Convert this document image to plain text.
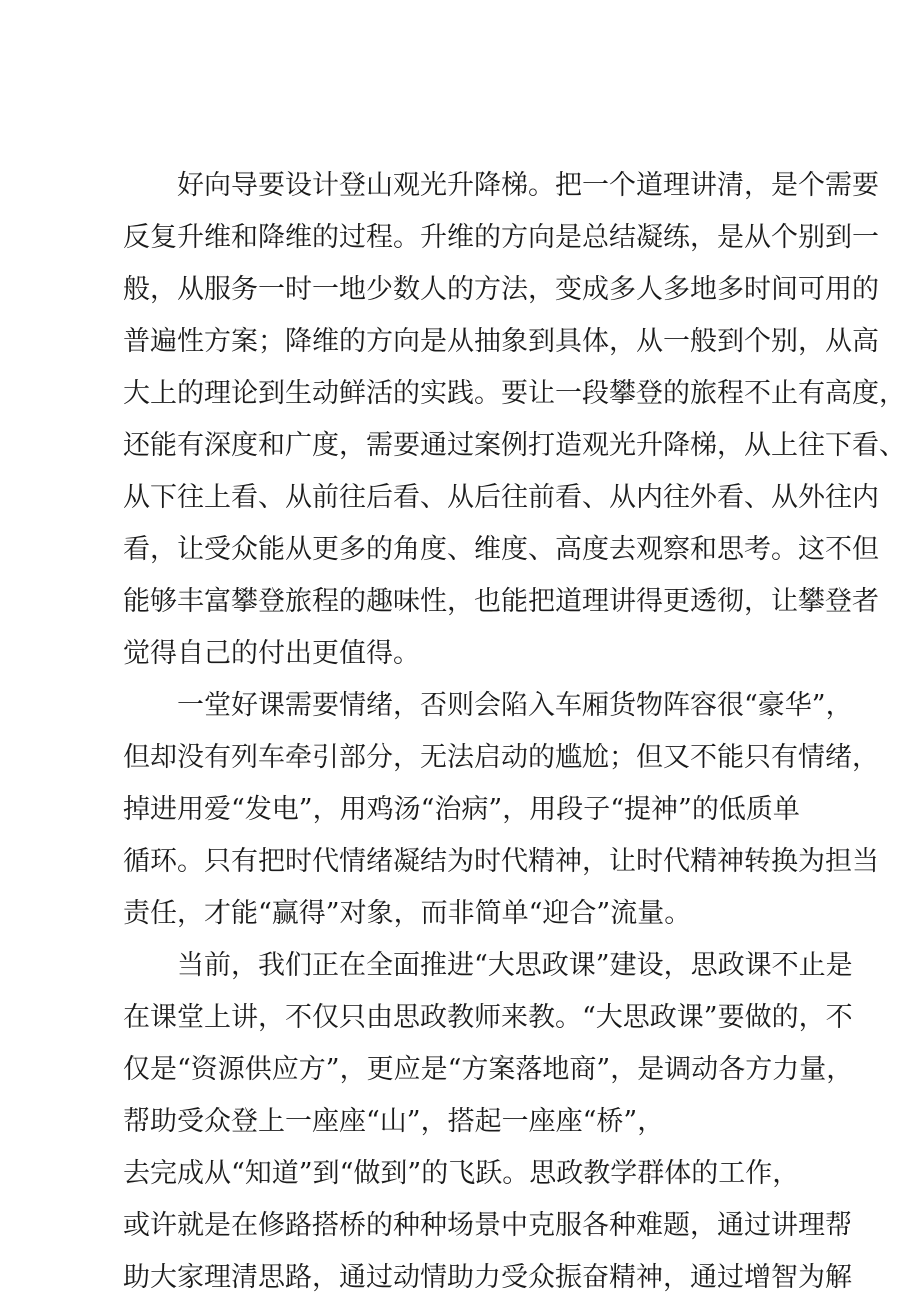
好向导要设计登山观光升降梯。把一个道理讲清，是个需要
反复升维和降维的过程。升维的方向是总结凝练，是从个别到一
般，从服务一时一地少数人的方法，变成多人多地多时间可用的
普遍性方案；降维的方向是从抽象到具体，从一般到个别，从高
大上的理论到生动鲜活的实践。要让一段攀登的旅程不止有高度，
还能有深度和广度，需要通过案例打造观光升降梯，从上往下看、
从下往上看、从前往后看、从后往前看、从内往外看、从外往内
看，让受众能从更多的角度、维度、高度去观察和思考。这不但
能够丰富攀登旅程的趣味性，也能把道理讲得更透彻，让攀登者
觉得自己的付出更值得。
一堂好课需要情绪，否则会陷入车厢货物阵容很“豪华”，
但却没有列车牵引部分，无法启动的尴尬；但又不能只有情绪，
掉进用爱“发电”，用鸡汤“治病”，用段子“提神”的低质单
循环。只有把时代情绪凝结为时代精神，让时代精神转换为担当
责任，才能“赢得”对象，而非简单“迎合”流量。
当前，我们正在全面推进“大思政课”建设，思政课不止是
在课堂上讲，不仅只由思政教师来教。“大思政课”要做的，不
仅是“资源供应方”，更应是“方案落地商”，是调动各方力量，
帮助受众登上一座座“山”，搭起一座座“桥”，
去完成从“知道”到“做到”的飞跃。思政教学群体的工作，
或许就是在修路搭桥的种种场景中克服各种难题，通过讲理帮
助大家理清思路，通过动情助力受众振奋精神，通过增智为解
